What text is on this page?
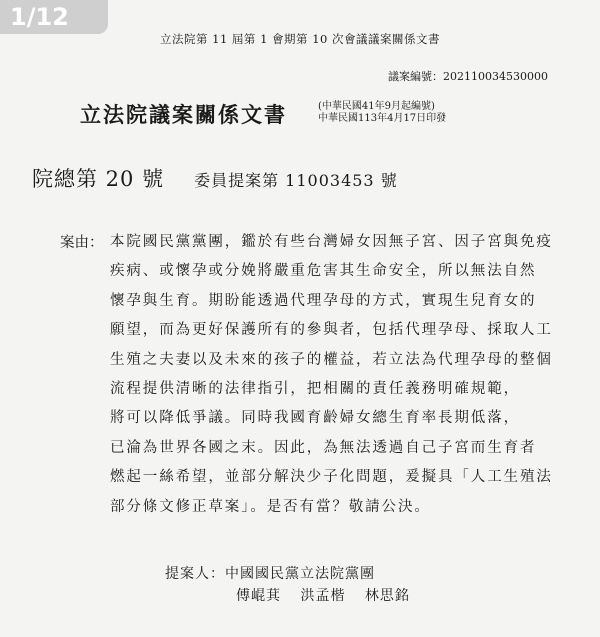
1/12
立法院第 11 屆第 1 會期第 10 次會議議案關係文書
議案編號：202110034530000
立法院議案關係文書	(中華民國41年9月起編號)
中華民國113年4月17日印發
院總第 20 號 委員提案第 11003453 號
案由： 本院國民黨黨團，鑑於有些台灣婦女因無子宮、因子宮與免疫
疾病、或懷孕或分娩將嚴重危害其生命安全，所以無法自然
懷孕與生育。期盼能透過代理孕母的方式，實現生兒育女的
願望，而為更好保護所有的參與者，包括代理孕母、採取人工
生殖之夫妻以及未來的孩子的權益，若立法為代理孕母的整個
流程提供清晰的法律指引，把相關的責任義務明確規範，
將可以降低爭議。同時我國育齡婦女總生育率長期低落，
已淪為世界各國之末。因此，為無法透過自己子宮而生育者
燃起一絲希望，並部分解決少子化問題，爰擬具「人工生殖法
部分條文修正草案」。是否有當？敬請公決。
提案人：中國國民黨立法院黨團
傅崐萁 洪孟楷 林思銘
